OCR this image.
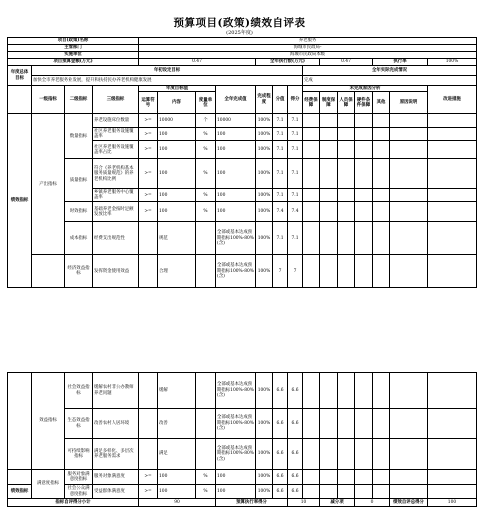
预算项目(政策)绩效自评表
(2025年度)
项目(政策)名称				养老服务													
主管部门				海城市民政局-													
实施单位				海城市民政局本级													
项目预算金额(万元)				0.47				全年执行数(万元)				0.47			执行率		100%
年度总体目标	年初设定目标										全年实际完成情况						
	加快全市养老服务业发展，提升和扶持民办养老机构健康发展										完成						
	一级指标	二级指标	三级指标	年度目标值			全年完成值	完成程度	分值	得分	未完成原因分析						改进措施
				运算符号	内容	度量单位					经费保障	制度保障	人员保障	硬件条件保障	其他	原因说明	
绩效指标	产出指标	数量指标	养老设施床位数量	>=	10000	个	10000	100%	7.1	7.1							
			社区养老服务设施覆盖率	>=	100	%	100	100%	7.1	7.1							
			社区养老服务设施覆盖率占比	>=	100	%	100	100%	7.1	7.1							
		质量指标	符合《养老机构基本服务质量规范》的养老机构比例	>=	100	%	100	100%	7.1	7.1							
			乡镇养老服务中心覆盖率	>=	100	%	100	100%	7.1	7.1							
		时效指标	基础养老金按时足额发放比率	>=	100	%	100	100%	7.4	7.4							
		成本指标	经费支出规范性		规范		全部或基本达成预期指标100%-80%(含)	100%	7.1	7.1							
		经济效益指标	发挥资金使用效益		合理		全部或基本达成预期指标100%-80%(含)	100%	7	7							
	效益指标	社会效益指标	缓解农村非公办教师养老问题		缓解		全部或基本达成预期指标100%-80%(含)	100%	6.6	6.6							
		生态效益指标	改善农村人居环境		改善		全部或基本达成预期指标100%-80%(含)	100%	6.6	6.6							
		可持续影响指标	满足多样化、多层次养老服务需求		满足		全部或基本达成预期指标100%-80%(含)	100%	6.6	6.6							
	满意度指标	服务对象满意度指标	服务对象满意度	>=	100	%	100	100%	6.6	6.6							
绩效指标		社会公众满意度指标	受益群体满意度	>=	100	%	100	100%	6.6	6.6							
指标自评得分小计				90			预算执行率得分			10		减分项		0		绩效自评总得分	100
